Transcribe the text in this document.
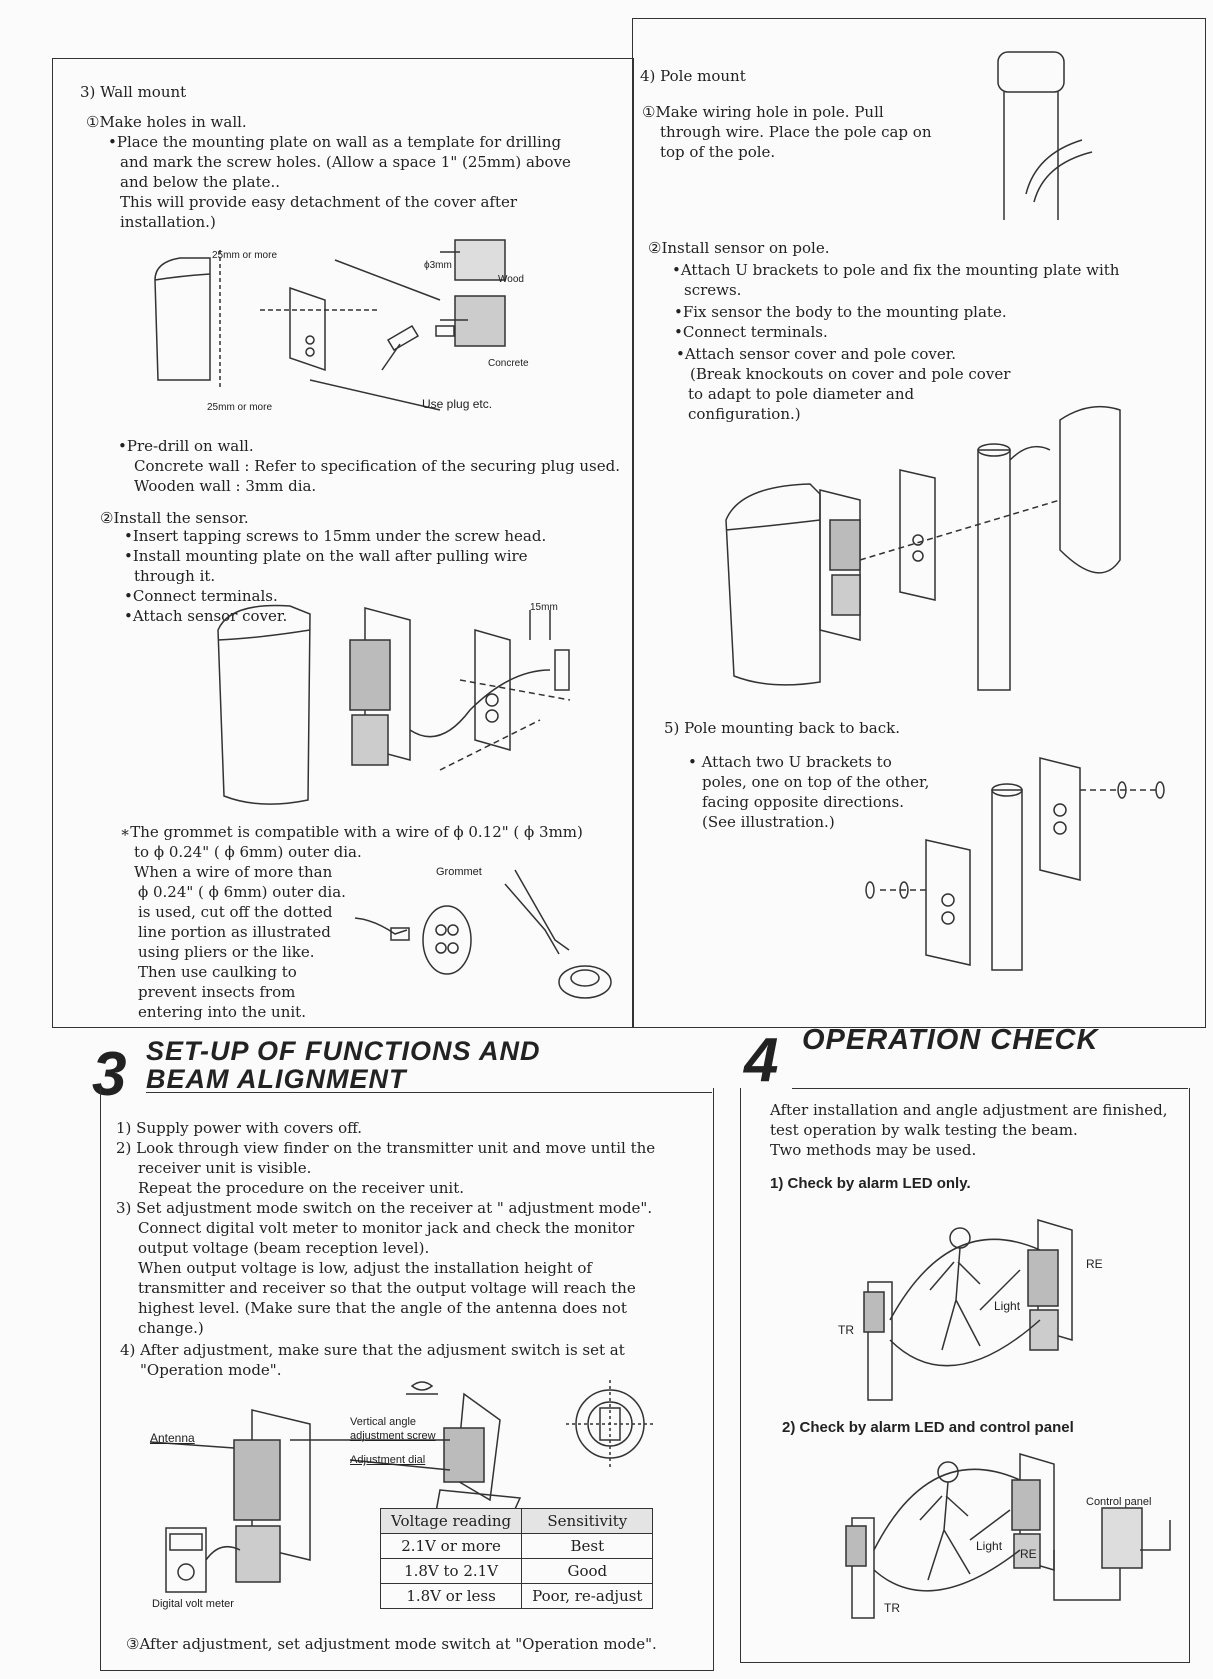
3) Wall mount
①Make holes in wall.
•Place the mounting plate on wall as a template for drilling
and mark the screw holes. (Allow a space 1" (25mm) above
and below the plate..
This will provide easy detachment of the cover after
installation.)
25mm or more
25mm or more
ϕ3mm
Wood
Concrete
Use plug etc.
•Pre-drill on wall.
Concrete wall : Refer to specification of the securing plug used.
Wooden wall : 3mm dia.
②Install the sensor.
•Insert tapping screws to 15mm under the screw head.
•Install mounting plate on the wall after pulling wire
through it.
•Connect terminals.
•Attach sensor cover.	15mm
∗The grommet is compatible with a wire of ϕ 0.12" ( ϕ 3mm)
to ϕ 0.24" ( ϕ 6mm) outer dia.
When a wire of more than
ϕ 0.24" ( ϕ 6mm) outer dia.
is used, cut off the dotted
line portion as illustrated
using pliers or the like.
Then use caulking to
prevent insects from
entering into the unit.
Grommet
4) Pole mount
①Make wiring hole in pole. Pull
through wire. Place the pole cap on
top of the pole.
②Install sensor on pole.
•Attach U brackets to pole and fix the mounting plate with
screws.
•Fix sensor the body to the mounting plate.
•Connect terminals.
•Attach sensor cover and pole cover.
(Break knockouts on cover and pole cover
to adapt to pole diameter and
configuration.)
5) Pole mounting back to back.
• Attach two U brackets to
poles, one on top of the other,
facing opposite directions.
(See illustration.)
3 SET-UP OF FUNCTIONS AND
BEAM ALIGNMENT
1) Supply power with covers off.
2) Look through view finder on the transmitter unit and move until the
receiver unit is visible.
Repeat the procedure on the receiver unit.
3) Set adjustment mode switch on the receiver at " adjustment mode".
Connect digital volt meter to monitor jack and check the monitor
output voltage (beam reception level).
When output voltage is low, adjust the installation height of
transmitter and receiver so that the output voltage will reach the
highest level. (Make sure that the angle of the antenna does not
change.)
4) After adjustment, make sure that the adjusment switch is set at
"Operation mode".
Antenna
Vertical angle
adjustment screw
Adjustment dial
Digital volt meter
Voltage reading	Sensitivity
2.1V or more	Best
1.8V to 2.1V	Good
1.8V or less	Poor, re-adjust
③After adjustment, set adjustment mode switch at "Operation mode".
4 OPERATION CHECK
After installation and angle adjustment are finished,
test operation by walk testing the beam.
Two methods may be used.
1) Check by alarm LED only.
RE
Light
TR
2) Check by alarm LED and control panel
Control panel
Light
RE
TR
